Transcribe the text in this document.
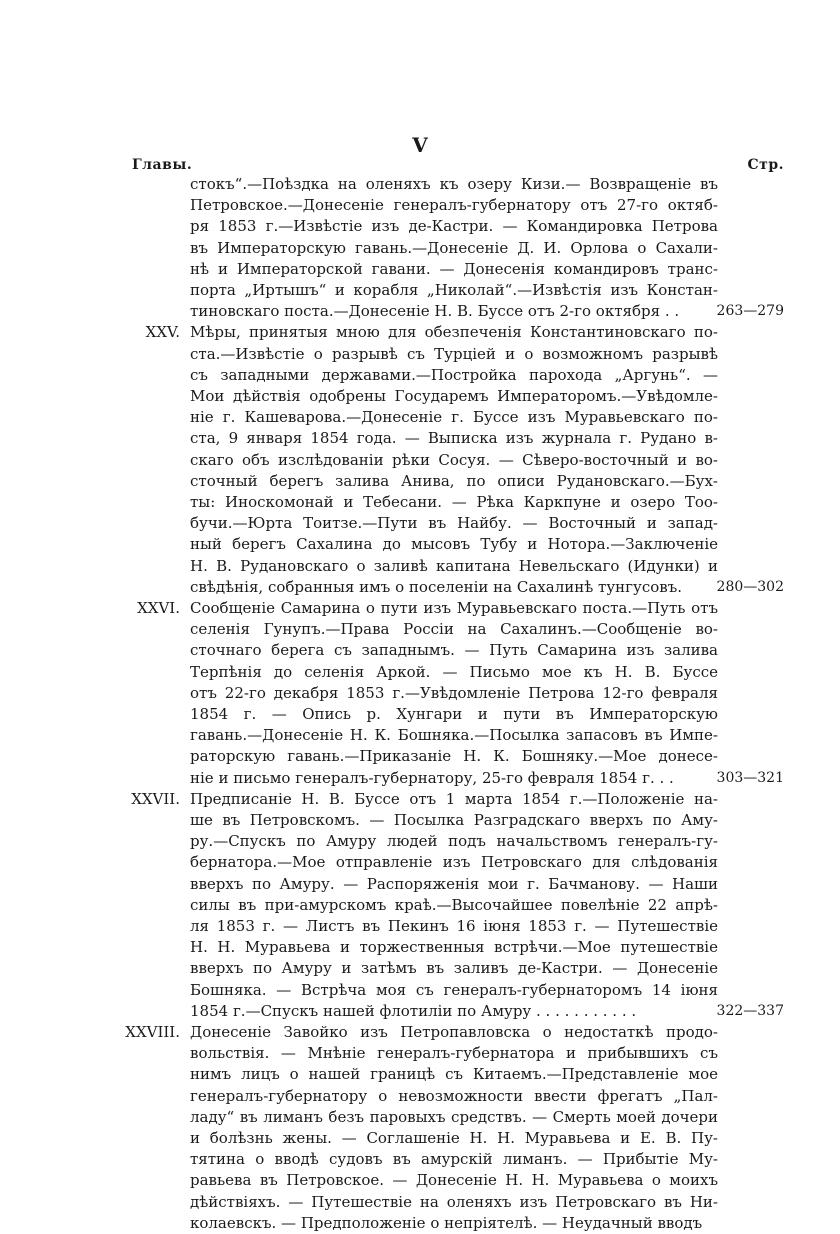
V
Главы.	Стр.
стокъ“.—Поѣздка на оленяхъ къ озеру Кизи.— Возвращеніе въ
Петровское.—Донесеніе генералъ-губернатору отъ 27-го октяб-
ря 1853 г.—Извѣстіе изъ де-Кастри. — Командировка Петрова
въ Императорскую гавань.—Донесеніе Д. И. Орлова о Сахали-
нѣ и Императорской гавани. — Донесенія командировъ транс-
порта „Иртышъ“ и корабля „Николай“.—Извѣстія изъ Констан-
тиновскаго поста.—Донесеніе Н. В. Буссе отъ 2-го октября . .	263—279
XXV. Мѣры, принятыя мною для обезпеченія Константиновскаго по-
ста.—Извѣстіе о разрывѣ съ Турціей и о возможномъ разрывѣ
съ западными державами.—Постройка парохода „Аргунь“. —
Мои дѣйствія одобрены Государемъ Императоромъ.—Увѣдомле-
ніе г. Кашеварова.—Донесеніе г. Буссе изъ Муравьевскаго по-
ста, 9 января 1854 года. — Выписка изъ журнала г. Рудано в-
скаго объ изслѣдованіи рѣки Сосуя. — Сѣверо-восточный и во-
сточный берегъ залива Анива, по описи Рудановскаго.—Бух-
ты: Иноскомонай и Тебесани. — Рѣка Каркпуне и озеро Тоо-
бучи.—Юрта Тоитзе.—Пути въ Найбу. — Восточный и запад-
ный берегъ Сахалина до мысовъ Тубу и Нотора.—Заключеніе
Н. В. Рудановскаго о заливѣ капитана Невельскаго (Идунки) и
свѣдѣнія, собранныя имъ о поселеніи на Сахалинѣ тунгусовъ.	280—302
XXVI. Сообщеніе Самарина о пути изъ Муравьевскаго поста.—Путь отъ
селенія Гунупъ.—Права Россіи на Сахалинъ.—Сообщеніе во-
сточнаго берега съ западнымъ. — Путь Самарина изъ залива
Терпѣнія до селенія Аркой. — Письмо мое къ Н. В. Буссе
отъ 22-го декабря 1853 г.—Увѣдомленіе Петрова 12-го февраля
1854 г. — Опись р. Хунгари и пути въ Императорскую
гавань.—Донесеніе Н. К. Бошняка.—Посылка запасовъ въ Импе-
раторскую гавань.—Приказаніе Н. К. Бошняку.—Мое донесе-
ніе и письмо генералъ-губернатору, 25-го февраля 1854 г. . .	303—321
XXVII. Предписаніе Н. В. Буссе отъ 1 марта 1854 г.—Положеніе на-
ше въ Петровскомъ. — Посылка Разградскаго вверхъ по Аму-
ру.—Спускъ по Амуру людей подъ начальствомъ генералъ-гу-
бернатора.—Мое отправленіе изъ Петровскаго для слѣдованія
вверхъ по Амуру. — Распоряженія мои г. Бачманову. — Наши
силы въ при-амурскомъ краѣ.—Высочайшее повелѣніе 22 апрѣ-
ля 1853 г. — Листъ въ Пекинъ 16 іюня 1853 г. — Путешествіе
Н. Н. Муравьева и торжественныя встрѣчи.—Мое путешествіе
вверхъ по Амуру и затѣмъ въ заливъ де-Кастри. — Донесеніе
Бошняка. — Встрѣча моя съ генералъ-губернаторомъ 14 іюня
1854 г.—Спускъ нашей флотиліи по Амуру . . . . . . . . . . .	322—337
XXVIII. Донесеніе Завойко изъ Петропавловска о недостаткѣ продо-
вольствія. — Мнѣніе генералъ-губернатора и прибывшихъ съ
нимъ лицъ о нашей границѣ съ Китаемъ.—Представленіе мое
генералъ-губернатору о невозможности ввести фрегатъ „Пал-
ладу“ въ лиманъ безъ паровыхъ средствъ. — Смерть моей дочери
и болѣзнь жены. — Соглашеніе Н. Н. Муравьева и Е. В. Пу-
тятина о вводѣ судовъ въ амурскій лиманъ. — Прибытіе Му-
равьева въ Петровское. — Донесеніе Н. Н. Муравьева о моихъ
дѣйствіяхъ. — Путешествіе на оленяхъ изъ Петровскаго въ Ни-
колаевскъ. — Предположеніе о непріятелѣ. — Неудачный вводъ
